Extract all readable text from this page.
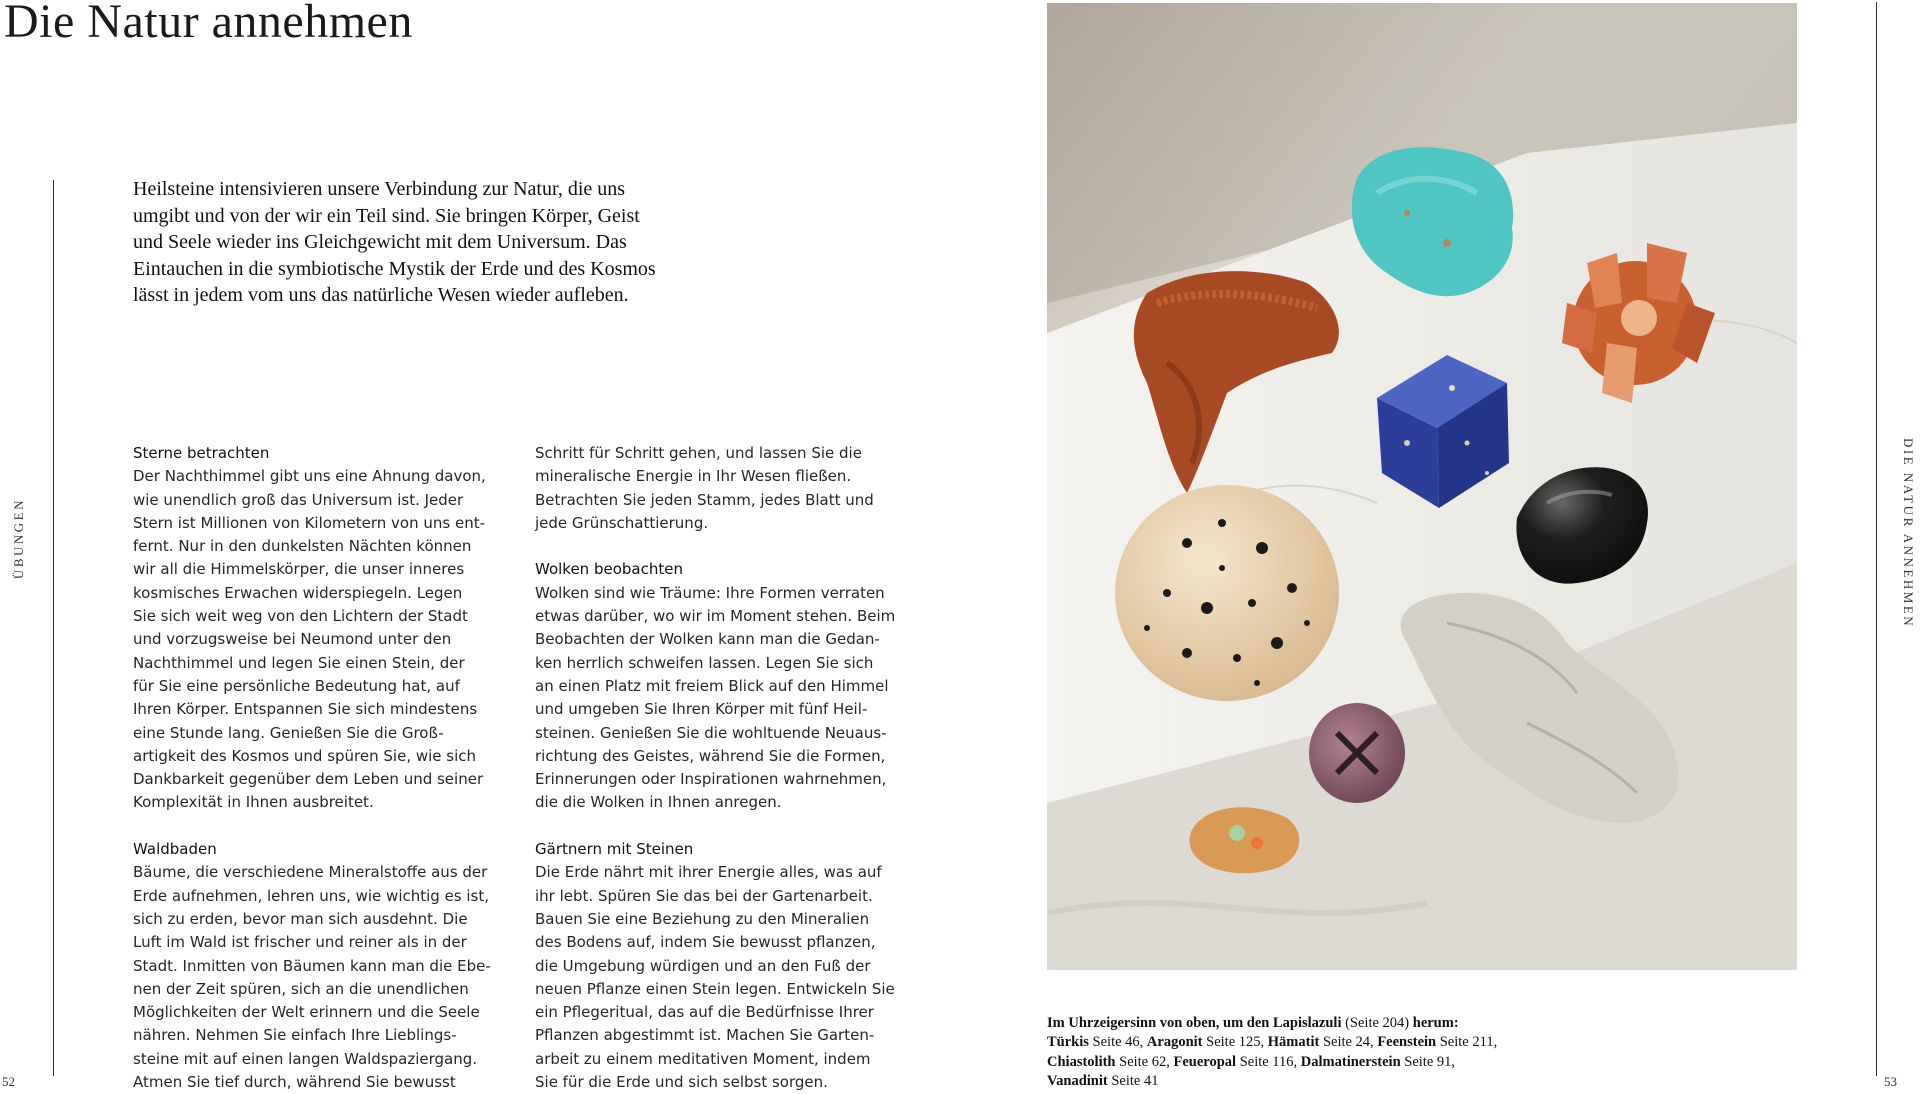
Die Natur annehmen
ÜBUNGEN	DIE NATUR ANNEHMEN

Heilsteine intensivieren unsere Verbindung zur Natur, die uns

umgibt und von der wir ein Teil sind. Sie bringen Körper, Geist

und Seele wieder ins Gleichgewicht mit dem Universum. Das

Eintauchen in die symbiotische Mystik der Erde und des Kosmos

lässt in jedem vom uns das natürliche Wesen wieder aufleben.

Sterne betrachten

Der Nachthimmel gibt uns eine Ahnung davon,

wie unendlich groß das Universum ist. Jeder

Stern ist Millionen von Kilometern von uns ent-

fernt. Nur in den dunkelsten Nächten können

wir all die Himmelskörper, die unser inneres

kosmisches Erwachen widerspiegeln. Legen

Sie sich weit weg von den Lichtern der Stadt

und vorzugsweise bei Neumond unter den

Nachthimmel und legen Sie einen Stein, der

für Sie eine persönliche Bedeutung hat, auf

Ihren Körper. Entspannen Sie sich mindestens

eine Stunde lang. Genießen Sie die Groß-

artigkeit des Kosmos und spüren Sie, wie sich

Dankbarkeit gegenüber dem Leben und seiner

Komplexität in Ihnen ausbreitet.

Waldbaden

Bäume, die verschiedene Mineralstoffe aus der

Erde aufnehmen, lehren uns, wie wichtig es ist,

sich zu erden, bevor man sich ausdehnt. Die

Luft im Wald ist frischer und reiner als in der

Stadt. Inmitten von Bäumen kann man die Ebe-

nen der Zeit spüren, sich an die unendlichen

Möglichkeiten der Welt erinnern und die Seele

nähren. Nehmen Sie einfach Ihre Lieblings-

steine mit auf einen langen Waldspaziergang.

Atmen Sie tief durch, während Sie bewusst

Schritt für Schritt gehen, und lassen Sie die

mineralische Energie in Ihr Wesen fließen.

Betrachten Sie jeden Stamm, jedes Blatt und

jede Grünschattierung.

Wolken beobachten

Wolken sind wie Träume: Ihre Formen verraten

etwas darüber, wo wir im Moment stehen. Beim

Beobachten der Wolken kann man die Gedan-

ken herrlich schweifen lassen. Legen Sie sich

an einen Platz mit freiem Blick auf den Himmel

und umgeben Sie Ihren Körper mit fünf Heil-

steinen. Genießen Sie die wohltuende Neuaus-

richtung des Geistes, während Sie die Formen,

Erinnerungen oder Inspirationen wahrnehmen,

die die Wolken in Ihnen anregen.

Gärtnern mit Steinen

Die Erde nährt mit ihrer Energie alles, was auf

ihr lebt. Spüren Sie das bei der Gartenarbeit.

Bauen Sie eine Beziehung zu den Mineralien

des Bodens auf, indem Sie bewusst pflanzen,

die Umgebung würdigen und an den Fuß der

neuen Pflanze einen Stein legen. Entwickeln Sie

ein Pflegeritual, das auf die Bedürfnisse Ihrer

Pflanzen abgestimmt ist. Machen Sie Garten-

arbeit zu einem meditativen Moment, indem

Sie für die Erde und sich selbst sorgen.

Im Uhrzeigersinn von oben, um den Lapislazuli (Seite 204) herum:

Türkis Seite 46, Aragonit Seite 125, Hämatit Seite 24, Feenstein Seite 211,

Chiastolith Seite 62, Feueropal Seite 116, Dalmatinerstein Seite 91,

Vanadinit Seite 41

52	53
